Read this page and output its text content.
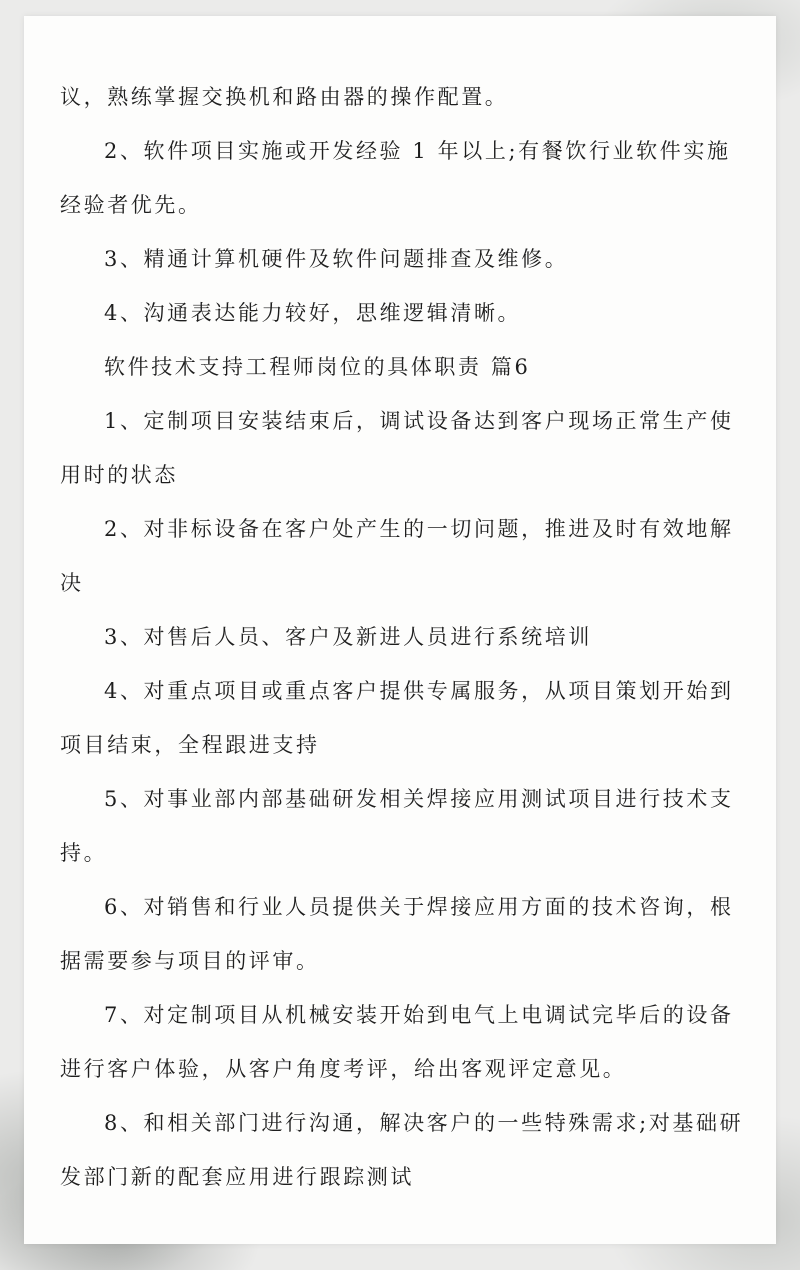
议，熟练掌握交换机和路由器的操作配置。

2、软件项目实施或开发经验 1 年以上;有餐饮行业软件实施经验者优先。

3、精通计算机硬件及软件问题排查及维修。

4、沟通表达能力较好，思维逻辑清晰。

软件技术支持工程师岗位的具体职责 篇6

1、定制项目安装结束后，调试设备达到客户现场正常生产使用时的状态

2、对非标设备在客户处产生的一切问题，推进及时有效地解决

3、对售后人员、客户及新进人员进行系统培训

4、对重点项目或重点客户提供专属服务，从项目策划开始到项目结束，全程跟进支持

5、对事业部内部基础研发相关焊接应用测试项目进行技术支持。

6、对销售和行业人员提供关于焊接应用方面的技术咨询，根据需要参与项目的评审。

7、对定制项目从机械安装开始到电气上电调试完毕后的设备进行客户体验，从客户角度考评，给出客观评定意见。

8、和相关部门进行沟通，解决客户的一些特殊需求;对基础研发部门新的配套应用进行跟踪测试
